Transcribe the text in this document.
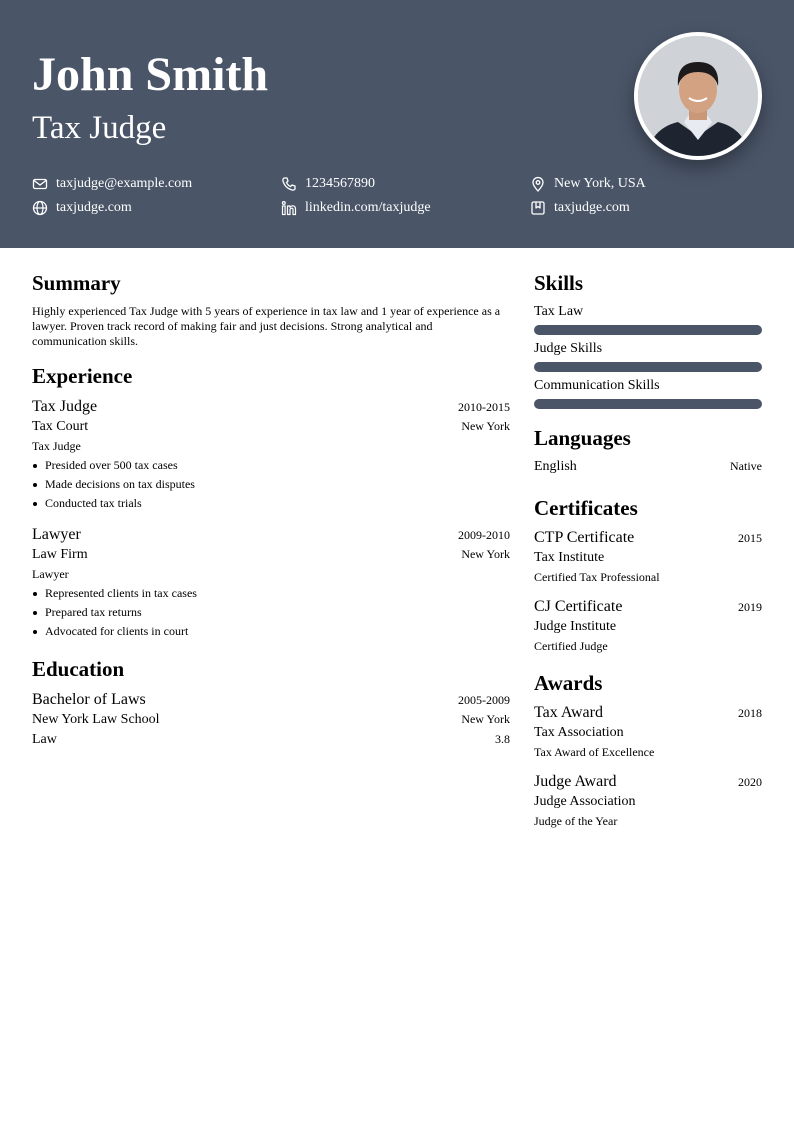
John Smith
Tax Judge
taxjudge@example.com	1234567890	New York, USA
taxjudge.com	linkedin.com/taxjudge	taxjudge.com
Summary
Highly experienced Tax Judge with 5 years of experience in tax law and 1 year of experience as a lawyer. Proven track record of making fair and just decisions. Strong analytical and communication skills.
Experience
Tax Judge	2010-2015
Tax Court	New York
Tax Judge
Presided over 500 tax cases
Made decisions on tax disputes
Conducted tax trials
Lawyer	2009-2010
Law Firm	New York
Lawyer
Represented clients in tax cases
Prepared tax returns
Advocated for clients in court
Education
Bachelor of Laws	2005-2009
New York Law School	New York
Law	3.8
Skills
Tax Law
Judge Skills
Communication Skills
Languages
English	Native
Certificates
CTP Certificate	2015
Tax Institute
Certified Tax Professional
CJ Certificate	2019
Judge Institute
Certified Judge
Awards
Tax Award	2018
Tax Association
Tax Award of Excellence
Judge Award	2020
Judge Association
Judge of the Year
